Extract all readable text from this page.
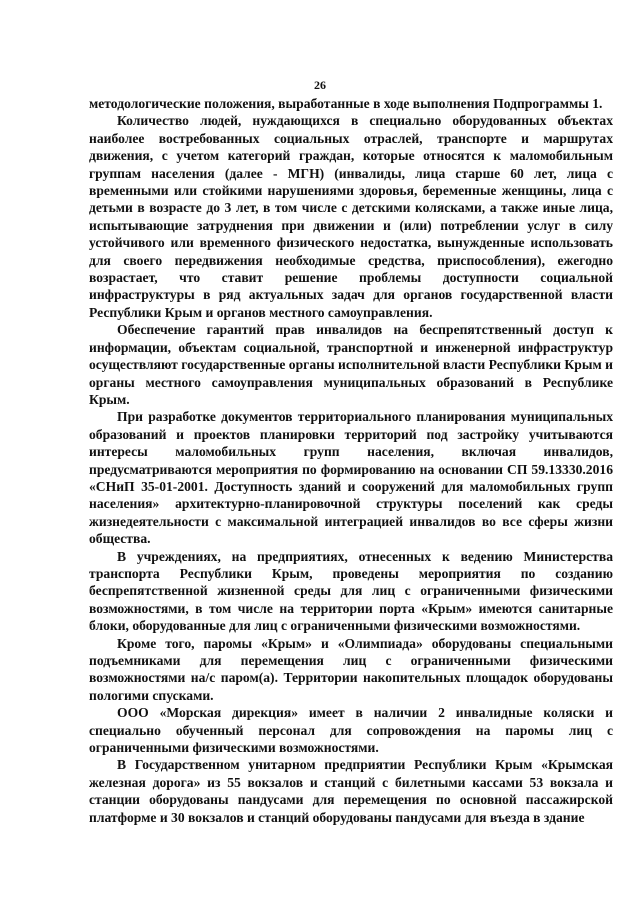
26

методологические положения, выработанные в ходе выполнения Подпрограммы 1.

Количество людей, нуждающихся в специально оборудованных объектах наиболее востребованных социальных отраслей, транспорте и маршрутах движения, с учетом категорий граждан, которые относятся к маломобильным группам населения (далее - МГН) (инвалиды, лица старше 60 лет, лица с временными или стойкими нарушениями здоровья, беременные женщины, лица с детьми в возрасте до 3 лет, в том числе с детскими колясками, а также иные лица, испытывающие затруднения при движении и (или) потреблении услуг в силу устойчивого или временного физического недостатка, вынужденные использовать для своего передвижения необходимые средства, приспособления), ежегодно возрастает, что ставит решение проблемы доступности социальной инфраструктуры в ряд актуальных задач для органов государственной власти Республики Крым и органов местного самоуправления.

Обеспечение гарантий прав инвалидов на беспрепятственный доступ к информации, объектам социальной, транспортной и инженерной инфраструктур осуществляют государственные органы исполнительной власти Республики Крым и органы местного самоуправления муниципальных образований в Республике Крым.

При разработке документов территориального планирования муниципальных образований и проектов планировки территорий под застройку учитываются интересы маломобильных групп населения, включая инвалидов, предусматриваются мероприятия по формированию на основании СП 59.13330.2016 «СНиП 35-01-2001. Доступность зданий и сооружений для маломобильных групп населения» архитектурно-планировочной структуры поселений как среды жизнедеятельности с максимальной интеграцией инвалидов во все сферы жизни общества.

В учреждениях, на предприятиях, отнесенных к ведению Министерства транспорта Республики Крым, проведены мероприятия по созданию беспрепятственной жизненной среды для лиц с ограниченными физическими возможностями, в том числе на территории порта «Крым» имеются санитарные блоки, оборудованные для лиц с ограниченными физическими возможностями.

Кроме того, паромы «Крым» и «Олимпиада» оборудованы специальными подъемниками для перемещения лиц с ограниченными физическими возможностями на/с паром(а). Территории накопительных площадок оборудованы пологими спусками.

ООО «Морская дирекция» имеет в наличии 2 инвалидные коляски и специально обученный персонал для сопровождения на паромы лиц с ограниченными физическими возможностями.

В Государственном унитарном предприятии Республики Крым «Крымская железная дорога» из 55 вокзалов и станций с билетными кассами 53 вокзала и станции оборудованы пандусами для перемещения по основной пассажирской платформе и 30 вокзалов и станций оборудованы пандусами для въезда в здание
